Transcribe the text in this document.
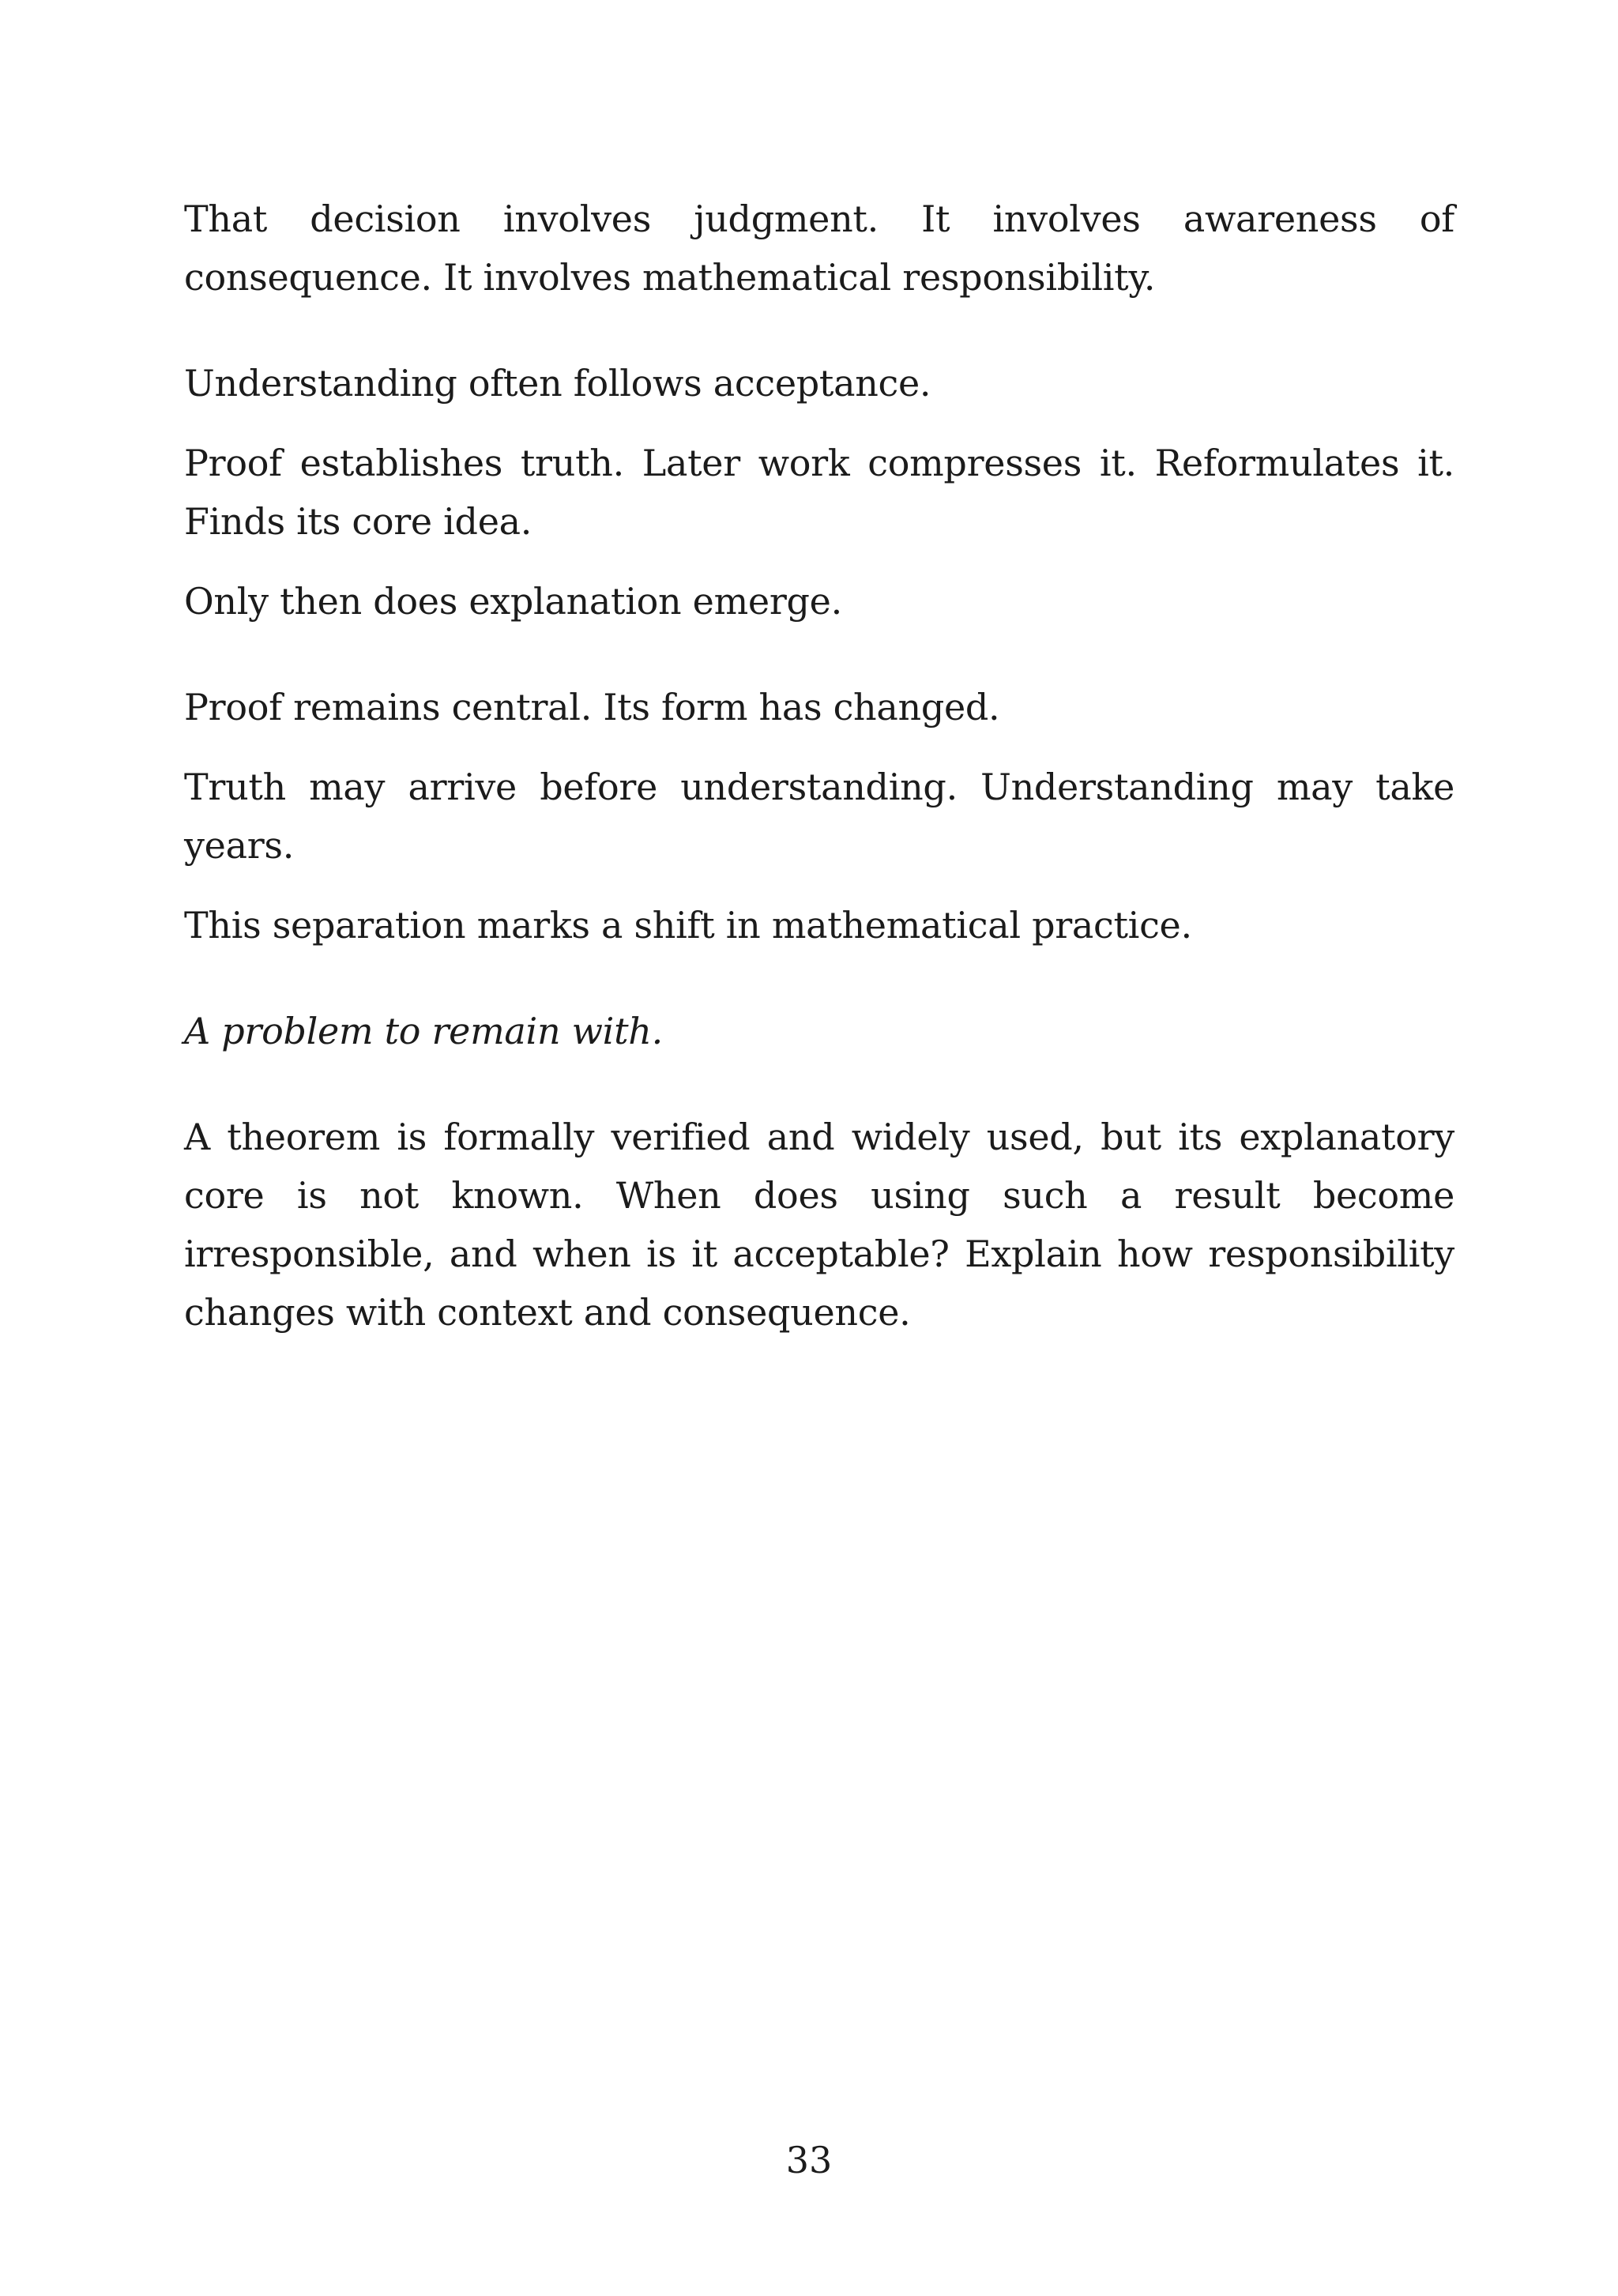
That decision involves judgment. It involves awareness of consequence. It involves mathematical responsibility.

Understanding often follows acceptance.

Proof establishes truth. Later work compresses it. Reformulates it. Finds its core idea.

Only then does explanation emerge.

Proof remains central. Its form has changed.

Truth may arrive before understanding. Understanding may take years.

This separation marks a shift in mathematical practice.

A problem to remain with.

A theorem is formally verified and widely used, but its explanatory core is not known. When does using such a result become irresponsible, and when is it acceptable? Explain how responsibility changes with context and consequence.

33
